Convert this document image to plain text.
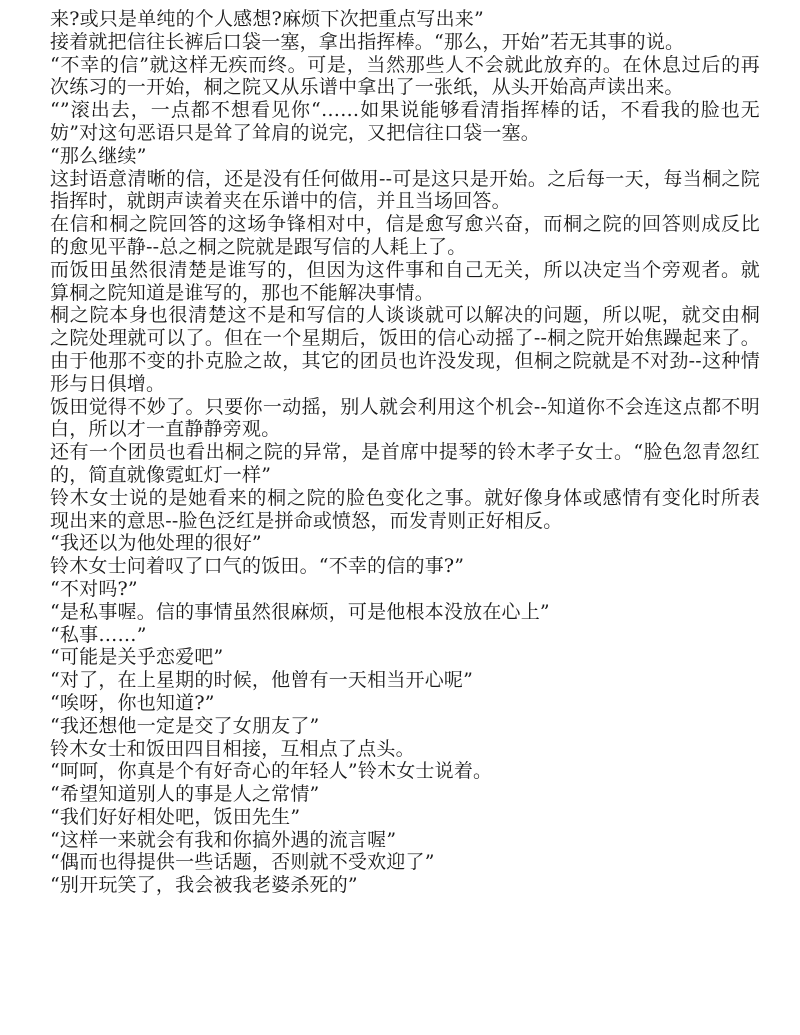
来?或只是单纯的个人感想?麻烦下次把重点写出来”

接着就把信往长裤后口袋一塞，拿出指挥棒。“那么，开始”若无其事的说。

“不幸的信”就这样无疾而终。可是，当然那些人不会就此放弃的。在休息过后的再次练习的一开始，桐之院又从乐谱中拿出了一张纸，从头开始高声读出来。

“”滚出去，一点都不想看见你“……如果说能够看清指挥棒的话，不看我的脸也无妨”对这句恶语只是耸了耸肩的说完，又把信往口袋一塞。

“那么继续”

这封语意清晰的信，还是没有任何做用--可是这只是开始。之后每一天，每当桐之院指挥时，就朗声读着夹在乐谱中的信，并且当场回答。

在信和桐之院回答的这场争锋相对中，信是愈写愈兴奋，而桐之院的回答则成反比的愈见平静--总之桐之院就是跟写信的人耗上了。

而饭田虽然很清楚是谁写的，但因为这件事和自己无关，所以决定当个旁观者。就算桐之院知道是谁写的，那也不能解决事情。

桐之院本身也很清楚这不是和写信的人谈谈就可以解决的问题，所以呢，就交由桐之院处理就可以了。但在一个星期后，饭田的信心动摇了--桐之院开始焦躁起来了。由于他那不变的扑克脸之故，其它的团员也许没发现，但桐之院就是不对劲--这种情形与日俱增。

饭田觉得不妙了。只要你一动摇，别人就会利用这个机会--知道你不会连这点都不明白，所以才一直静静旁观。

还有一个团员也看出桐之院的异常，是首席中提琴的铃木孝子女士。“脸色忽青忽红的，简直就像霓虹灯一样”

铃木女士说的是她看来的桐之院的脸色变化之事。就好像身体或感情有变化时所表现出来的意思--脸色泛红是拼命或愤怒，而发青则正好相反。

“我还以为他处理的很好”

铃木女士问着叹了口气的饭田。“不幸的信的事?”

“不对吗?”

“是私事喔。信的事情虽然很麻烦，可是他根本没放在心上”

“私事……”

“可能是关乎恋爱吧”

“对了，在上星期的时候，他曾有一天相当开心呢”

“唉呀，你也知道?”

“我还想他一定是交了女朋友了”

铃木女士和饭田四目相接，互相点了点头。

“呵呵，你真是个有好奇心的年轻人”铃木女士说着。

“希望知道别人的事是人之常情”

“我们好好相处吧，饭田先生”

“这样一来就会有我和你搞外遇的流言喔”

“偶而也得提供一些话题，否则就不受欢迎了”

“别开玩笑了，我会被我老婆杀死的”
